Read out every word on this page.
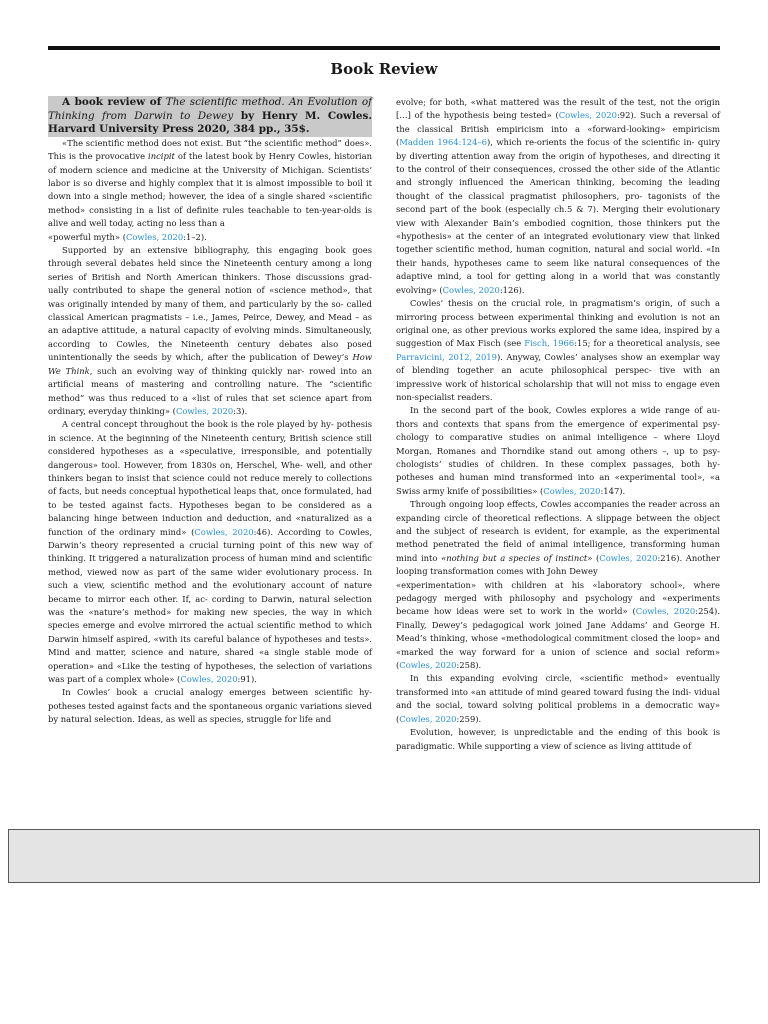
Book Review

A book review of The scientific method. An Evolution of Thinking from Darwin to Dewey by Henry M. Cowles. Harvard University Press 2020, 384 pp., 35$.

«The scientific method does not exist. But “the scientific method” does». This is the provocative incipit of the latest book by Henry Cowles, historian of modern science and medicine at the University of Michigan. Scientists’ labor is so diverse and highly complex that it is almost impossible to boil it down into a single method; however, the idea of a single shared «scientific method» consisting in a list of definite rules teachable to ten-year-olds is alive and well today, acting no less than a

«powerful myth» (Cowles, 2020:1–2).

Supported by an extensive bibliography, this engaging book goes through several debates held since the Nineteenth century among a long series of British and North American thinkers. Those discussions grad- ually contributed to shape the general notion of «science method», that was originally intended by many of them, and particularly by the so- called classical American pragmatists – i.e., James, Peirce, Dewey, and Mead – as an adaptive attitude, a natural capacity of evolving minds. Simultaneously, according to Cowles, the Nineteenth century debates also posed unintentionally the seeds by which, after the publication of Dewey’s How We Think, such an evolving way of thinking quickly nar- rowed into an artificial means of mastering and controlling nature. The “scientific method” was thus reduced to a «list of rules that set science apart from ordinary, everyday thinking» (Cowles, 2020:3).

A central concept throughout the book is the role played by hy- pothesis in science. At the beginning of the Nineteenth century, British science still considered hypotheses as a «speculative, irresponsible, and potentially dangerous» tool. However, from 1830s on, Herschel, Whe- well, and other thinkers began to insist that science could not reduce merely to collections of facts, but needs conceptual hypothetical leaps that, once formulated, had to be tested against facts. Hypotheses began to be considered as a balancing hinge between induction and deduction, and «naturalized as a function of the ordinary mind» (Cowles, 2020:46). According to Cowles, Darwin’s theory represented a crucial turning point of this new way of thinking. It triggered a naturalization process of human mind and scientific method, viewed now as part of the same wider evolutionary process. In such a view, scientific method and the evolutionary account of nature became to mirror each other. If, ac- cording to Darwin, natural selection was the «nature’s method» for making new species, the way in which species emerge and evolve mirrored the actual scientific method to which Darwin himself aspired, «with its careful balance of hypotheses and tests». Mind and matter, science and nature, shared «a single stable mode of operation» and «Like the testing of hypotheses, the selection of variations was part of a complex whole» (Cowles, 2020:91).

In Cowles’ book a crucial analogy emerges between scientific hy- potheses tested against facts and the spontaneous organic variations sieved by natural selection. Ideas, as well as species, struggle for life and

evolve; for both, «what mattered was the result of the test, not the origin […] of the hypothesis being tested» (Cowles, 2020:92). Such a reversal of the classical British empiricism into a «forward-looking» empiricism (Madden 1964:124–6), which re-orients the focus of the scientific in- quiry by diverting attention away from the origin of hypotheses, and directing it to the control of their consequences, crossed the other side of the Atlantic and strongly influenced the American thinking, becoming the leading thought of the classical pragmatist philosophers, pro- tagonists of the second part of the book (especially ch.5 & 7). Merging their evolutionary view with Alexander Bain’s embodied cognition, those thinkers put the «hypothesis» at the center of an integrated evolutionary view that linked together scientific method, human cognition, natural and social world. «In their hands, hypotheses came to seem like natural consequences of the adaptive mind, a tool for getting along in a world that was constantly evolving» (Cowles, 2020:126).

Cowles’ thesis on the crucial role, in pragmatism’s origin, of such a mirroring process between experimental thinking and evolution is not an original one, as other previous works explored the same idea, inspired by a suggestion of Max Fisch (see Fisch, 1966:15; for a theoretical analysis, see Parravicini, 2012, 2019). Anyway, Cowles’ analyses show an exemplar way of blending together an acute philosophical perspec- tive with an impressive work of historical scholarship that will not miss to engage even non-specialist readers.

In the second part of the book, Cowles explores a wide range of au- thors and contexts that spans from the emergence of experimental psy- chology to comparative studies on animal intelligence – where Lloyd Morgan, Romanes and Thorndike stand out among others –, up to psy- chologists’ studies of children. In these complex passages, both hy- potheses and human mind transformed into an «experimental tool», «a Swiss army knife of possibilities» (Cowles, 2020:147).

Through ongoing loop effects, Cowles accompanies the reader across an expanding circle of theoretical reflections. A slippage between the object and the subject of research is evident, for example, as the experimental method penetrated the field of animal intelligence, transforming human mind into «nothing but a species of instinct» (Cowles, 2020:216). Another looping transformation comes with John Dewey

«experimentation» with children at his «laboratory school», where pedagogy merged with philosophy and psychology and «experiments became how ideas were set to work in the world» (Cowles, 2020:254). Finally, Dewey’s pedagogical work joined Jane Addams’ and George H. Mead’s thinking, whose «methodological commitment closed the loop» and «marked the way forward for a union of science and social reform» (Cowles, 2020:258).

In this expanding evolving circle, «scientific method» eventually transformed into «an attitude of mind geared toward fusing the indi- vidual and the social, toward solving political problems in a democratic way» (Cowles, 2020:259).

Evolution, however, is unpredictable and the ending of this book is paradigmatic. While supporting a view of science as living attitude of
